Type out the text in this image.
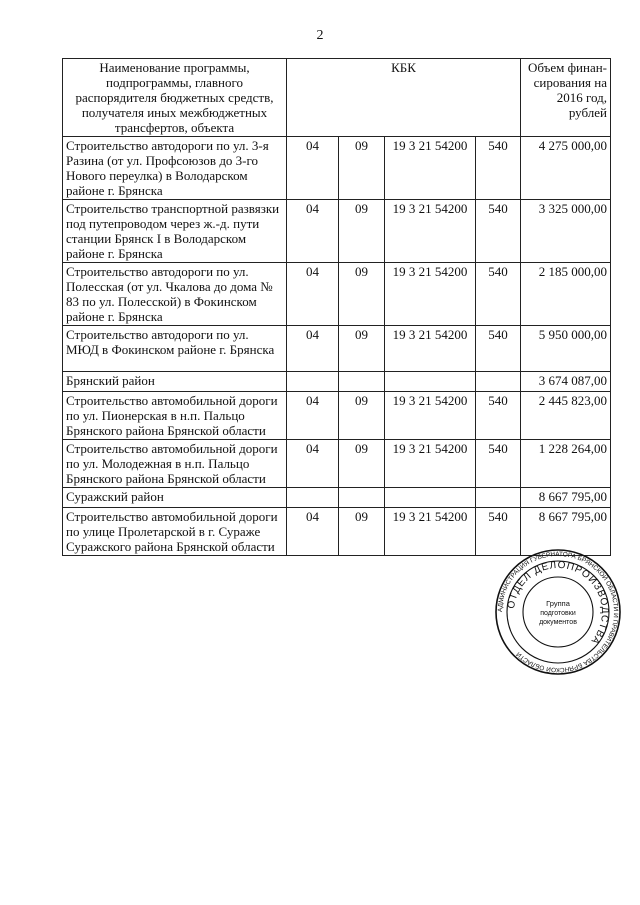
2
Наименование программы, подпрограммы, главного распорядителя бюджетных средств, получателя иных межбюджетных трансфертов, объекта	КБК				Объем финан-сирования на 2016 год, рублей
Строительство автодороги по ул. 3-я Разина (от ул. Профсоюзов до 3-го Нового переулка) в Володарском районе г. Брянска	04	09	19 3 21 54200	540	4 275 000,00
Строительство транспортной развязки под путепроводом через ж.-д. пути станции Брянск I в Володарском районе г. Брянска	04	09	19 3 21 54200	540	3 325 000,00
Строительство автодороги по ул. Полесская (от ул. Чкалова до дома № 83 по ул. Полесской) в Фокинском районе г. Брянска	04	09	19 3 21 54200	540	2 185 000,00
Строительство автодороги по ул. МЮД в Фокинском районе г. Брянска	04	09	19 3 21 54200	540	5 950 000,00
Брянский район					3 674 087,00
Строительство автомобильной дороги по ул. Пионерская в н.п. Пальцо Брянского района Брянской области	04	09	19 3 21 54200	540	2 445 823,00
Строительство автомобильной дороги по ул. Молодежная в н.п. Пальцо Брянского района Брянской области	04	09	19 3 21 54200	540	1 228 264,00
Суражский район					8 667 795,00
Строительство автомобильной дороги по улице Пролетарской в г. Сураже Суражского района Брянской области	04	09	19 3 21 54200	540	8 667 795,00
АДМИНИСТРАЦИЯ ГУБЕРНАТОРА БРЯНСКОЙ ОБЛАСТИ И ПРАВИТЕЛЬСТВА БРЯНСКОЙ ОБЛАСТИ
ОТДЕЛ ДЕЛОПРОИЗВОДСТВА
Группа
подготовки
документов
